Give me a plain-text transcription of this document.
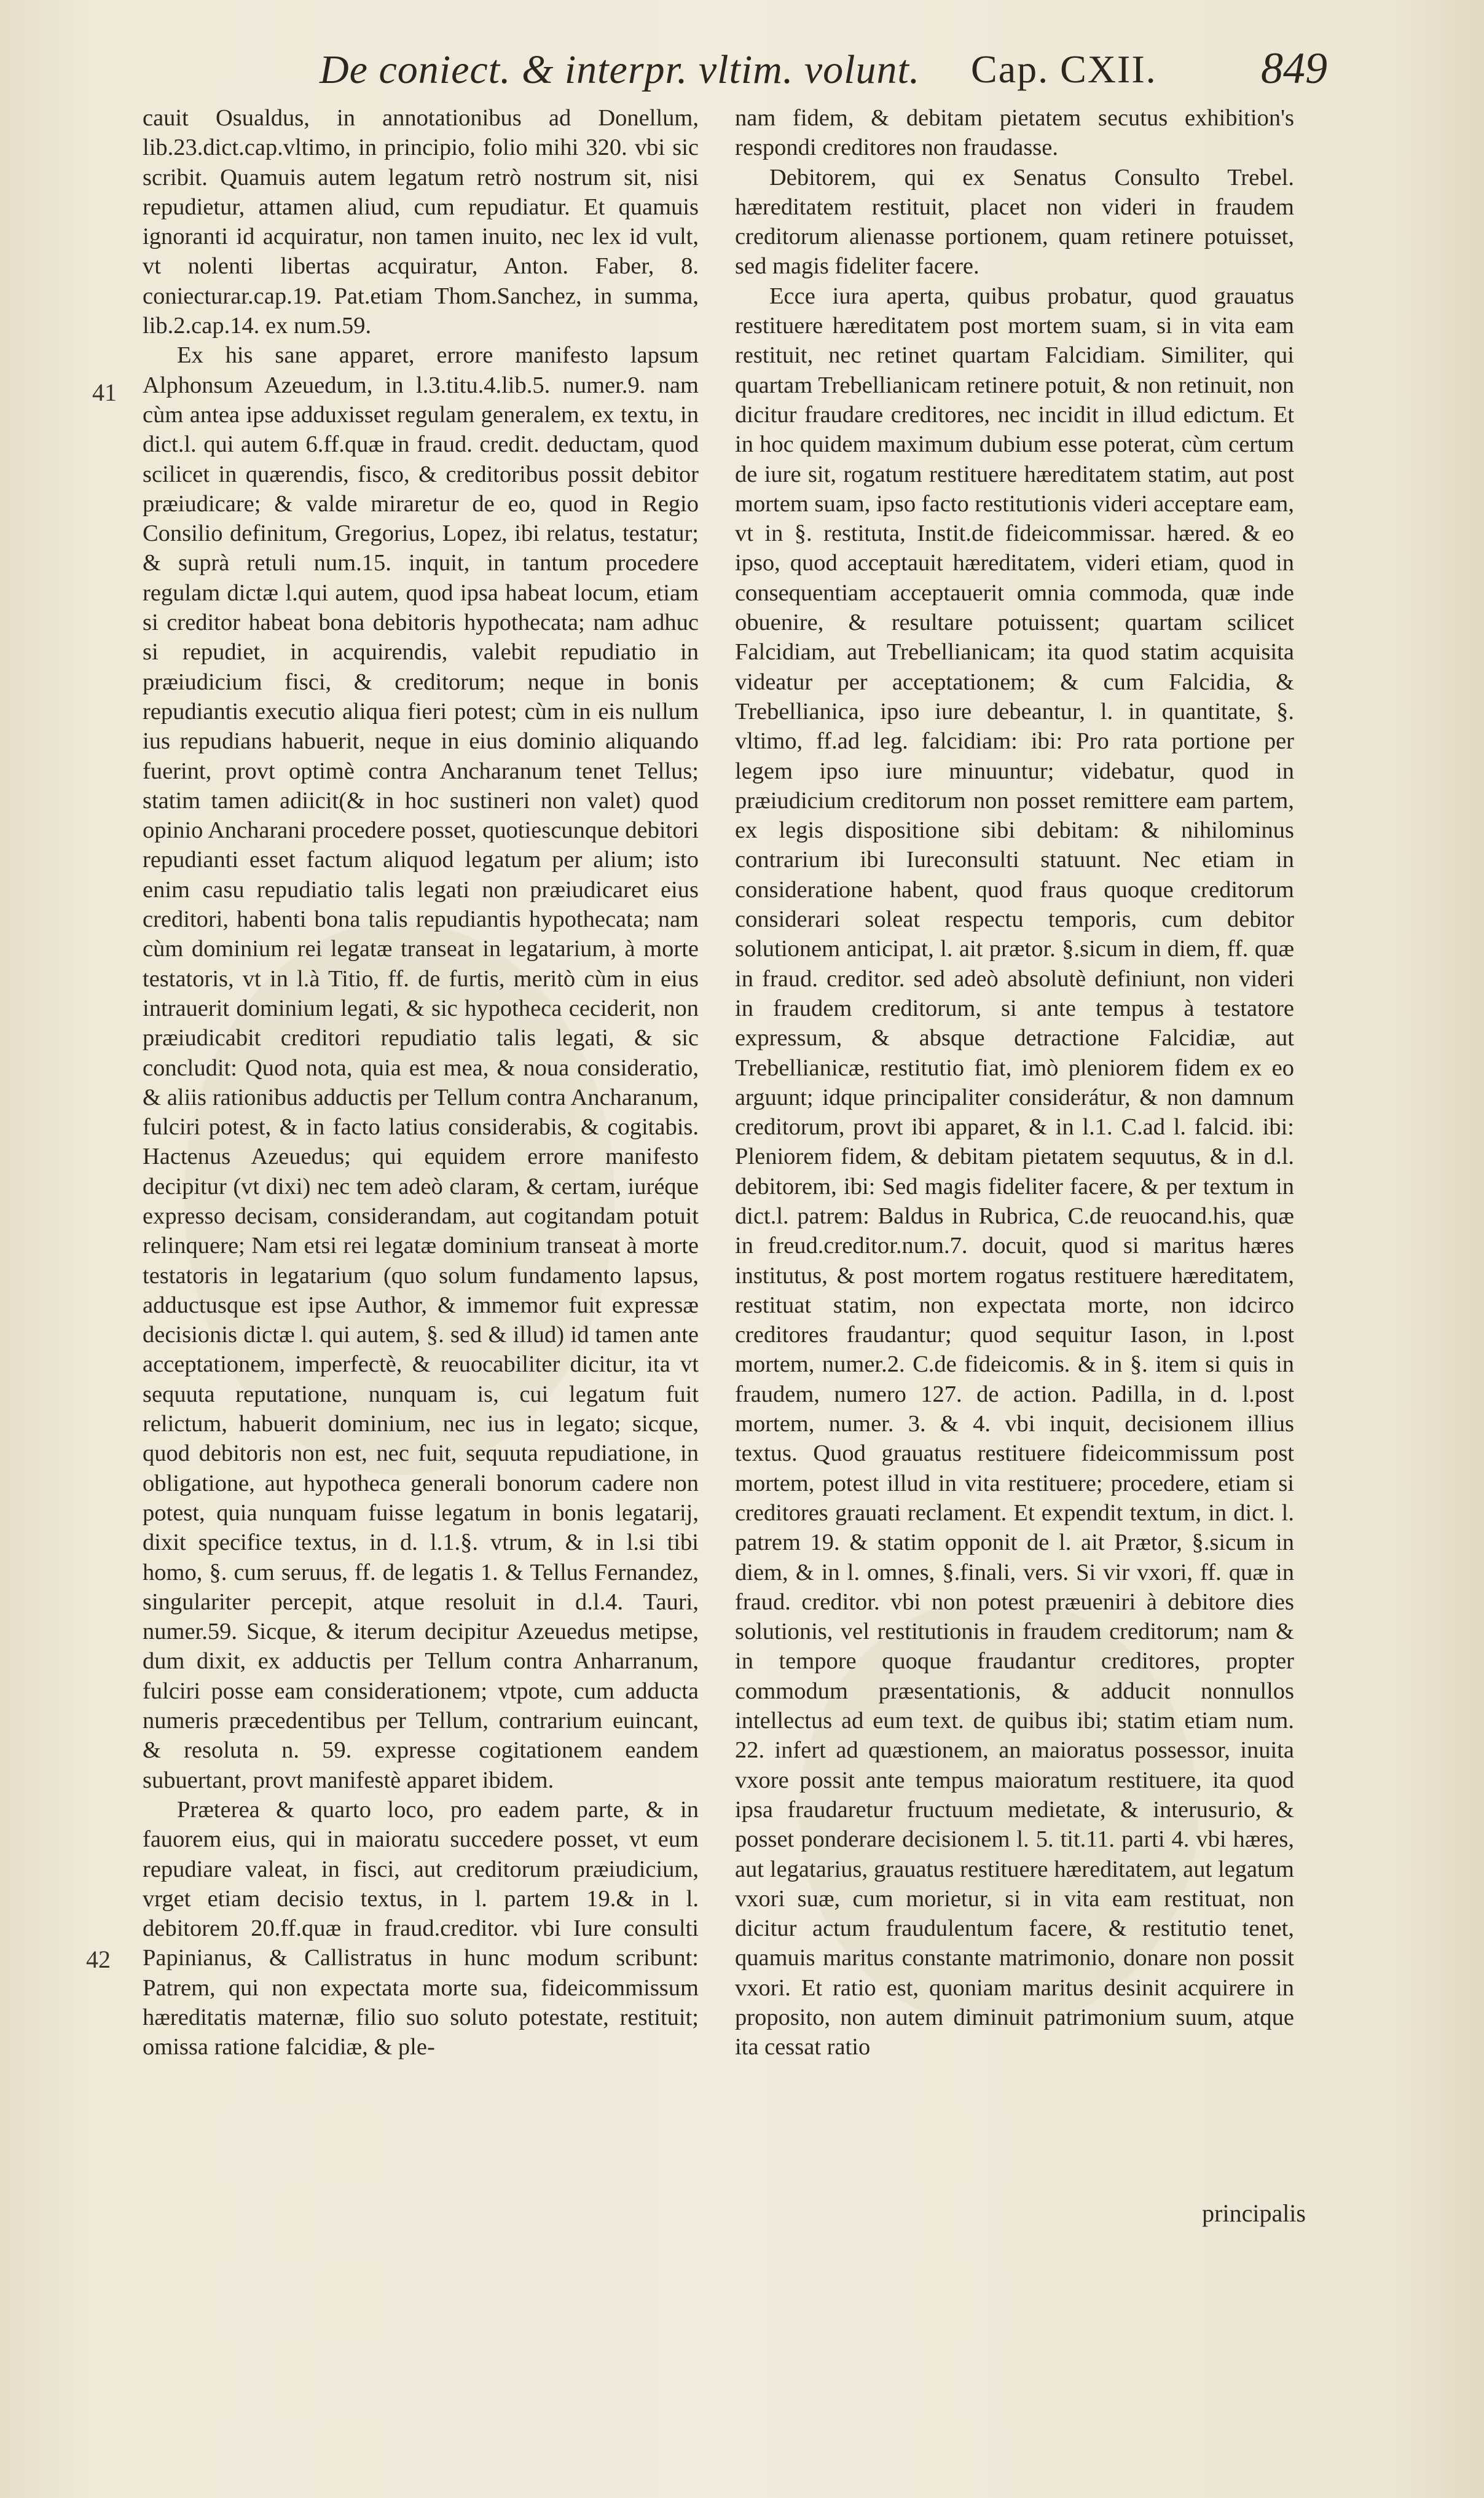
De coniect. & interpr. vltim. volunt. Cap. CXII. 849
41
42

cauit Osualdus, in annotationibus ad Donellum, lib.23.dict.cap.vltimo, in principio, folio mihi 320. vbi sic scribit. Quamuis autem legatum retrò nostrum sit, nisi repudietur, attamen aliud, cum repudiatur. Et quamuis ignoranti id acquiratur, non tamen inuito, nec lex id vult, vt nolenti libertas acquiratur, Anton. Faber, 8. coniecturar.cap.19. Pat.etiam Thom.Sanchez, in summa, lib.2.cap.14. ex num.59.

Ex his sane apparet, errore manifesto lapsum Alphonsum Azeuedum, in l.3.titu.4.lib.5. numer.9. nam cùm antea ipse adduxisset regulam generalem, ex textu, in dict.l. qui autem 6.ff.quæ in fraud. credit. deductam, quod scilicet in quærendis, fisco, & creditoribus possit debitor præiudicare; & valde miraretur de eo, quod in Regio Consilio definitum, Gregorius, Lopez, ibi relatus, testatur; & suprà retuli num.15. inquit, in tantum procedere regulam dictæ l.qui autem, quod ipsa habeat locum, etiam si creditor habeat bona debitoris hypothecata; nam adhuc si repudiet, in acquirendis, valebit repudiatio in præiudicium fisci, & creditorum; neque in bonis repudiantis executio aliqua fieri potest; cùm in eis nullum ius repudians habuerit, neque in eius dominio aliquando fuerint, provt optimè contra Ancharanum tenet Tellus; statim tamen adiicit(& in hoc sustineri non valet) quod opinio Ancharani procedere posset, quotiescunque debitori repudianti esset factum aliquod legatum per alium; isto enim casu repudiatio talis legati non præiudicaret eius creditori, habenti bona talis repudiantis hypothecata; nam cùm dominium rei legatæ transeat in legatarium, à morte testatoris, vt in l.à Titio, ff. de furtis, meritò cùm in eius intrauerit dominium legati, & sic hypotheca ceciderit, non præiudicabit creditori repudiatio talis legati, & sic concludit: Quod nota, quia est mea, & noua consideratio, & aliis rationibus adductis per Tellum contra Ancharanum, fulciri potest, & in facto latius considerabis, & cogitabis. Hactenus Azeuedus; qui equidem errore manifesto decipitur (vt dixi) nec tem adeò claram, & certam, iuréque expresso decisam, considerandam, aut cogitandam potuit relinquere; Nam etsi rei legatæ dominium transeat à morte testatoris in legatarium (quo solum fundamento lapsus, adductusque est ipse Author, & immemor fuit expressæ decisionis dictæ l. qui autem, §. sed & illud) id tamen ante acceptationem, imperfectè, & reuocabiliter dicitur, ita vt sequuta reputatione, nunquam is, cui legatum fuit relictum, habuerit dominium, nec ius in legato; sicque, quod debitoris non est, nec fuit, sequuta repudiatione, in obligatione, aut hypotheca generali bonorum cadere non potest, quia nunquam fuisse legatum in bonis legatarij, dixit specifice textus, in d. l.1.§. vtrum, & in l.si tibi homo, §. cum seruus, ff. de legatis 1. & Tellus Fernandez, singulariter percepit, atque resoluit in d.l.4. Tauri, numer.59. Sicque, & iterum decipitur Azeuedus metipse, dum dixit, ex adductis per Tellum contra Anharranum, fulciri posse eam considerationem; vtpote, cum adducta numeris præcedentibus per Tellum, contrarium euincant, & resoluta n. 59. expresse cogitationem eandem subuertant, provt manifestè apparet ibidem.

Præterea & quarto loco, pro eadem parte, & in fauorem eius, qui in maioratu succedere posset, vt eum repudiare valeat, in fisci, aut creditorum præiudicium, vrget etiam decisio textus, in l. partem 19.& in l. debitorem 20.ff.quæ in fraud.creditor. vbi Iure consulti Papinianus, & Callistratus in hunc modum scribunt: Patrem, qui non expectata morte sua, fideicommissum hæreditatis maternæ, filio suo soluto potestate, restituit; omissa ratione falcidiæ, & ple-

nam fidem, & debitam pietatem secutus exhibition's respondi creditores non fraudasse.

Debitorem, qui ex Senatus Consulto Trebel. hæreditatem restituit, placet non videri in fraudem creditorum alienasse portionem, quam retinere potuisset, sed magis fideliter facere.

Ecce iura aperta, quibus probatur, quod grauatus restituere hæreditatem post mortem suam, si in vita eam restituit, nec retinet quartam Falcidiam. Similiter, qui quartam Trebellianicam retinere potuit, & non retinuit, non dicitur fraudare creditores, nec incidit in illud edictum. Et in hoc quidem maximum dubium esse poterat, cùm certum de iure sit, rogatum restituere hæreditatem statim, aut post mortem suam, ipso facto restitutionis videri acceptare eam, vt in §. restituta, Instit.de fideicommissar. hæred. & eo ipso, quod acceptauit hæreditatem, videri etiam, quod in consequentiam acceptauerit omnia commoda, quæ inde obuenire, & resultare potuissent; quartam scilicet Falcidiam, aut Trebellianicam; ita quod statim acquisita videatur per acceptationem; & cum Falcidia, & Trebellianica, ipso iure debeantur, l. in quantitate, §. vltimo, ff.ad leg. falcidiam: ibi: Pro rata portione per legem ipso iure minuuntur; videbatur, quod in præiudicium creditorum non posset remittere eam partem, ex legis dispositione sibi debitam: & nihilominus contrarium ibi Iureconsulti statuunt. Nec etiam in consideratione habent, quod fraus quoque creditorum considerari soleat respectu temporis, cum debitor solutionem anticipat, l. ait prætor. §.sicum in diem, ff. quæ in fraud. creditor. sed adeò absolutè definiunt, non videri in fraudem creditorum, si ante tempus à testatore expressum, & absque detractione Falcidiæ, aut Trebellianicæ, restitutio fiat, imò pleniorem fidem ex eo arguunt; idque principaliter considerátur, & non damnum creditorum, provt ibi apparet, & in l.1. C.ad l. falcid. ibi: Pleniorem fidem, & debitam pietatem sequutus, & in d.l. debitorem, ibi: Sed magis fideliter facere, & per textum in dict.l. patrem: Baldus in Rubrica, C.de reuocand.his, quæ in freud.creditor.num.7. docuit, quod si maritus hæres institutus, & post mortem rogatus restituere hæreditatem, restituat statim, non expectata morte, non idcirco creditores fraudantur; quod sequitur Iason, in l.post mortem, numer.2. C.de fideicomis. & in §. item si quis in fraudem, numero 127. de action. Padilla, in d. l.post mortem, numer. 3. & 4. vbi inquit, decisionem illius textus. Quod grauatus restituere fideicommissum post mortem, potest illud in vita restituere; procedere, etiam si creditores grauati reclament. Et expendit textum, in dict. l. patrem 19. & statim opponit de l. ait Prætor, §.sicum in diem, & in l. omnes, §.finali, vers. Si vir vxori, ff. quæ in fraud. creditor. vbi non potest præueniri à debitore dies solutionis, vel restitutionis in fraudem creditorum; nam & in tempore quoque fraudantur creditores, propter commodum præsentationis, & adducit nonnullos intellectus ad eum text. de quibus ibi; statim etiam num. 22. infert ad quæstionem, an maioratus possessor, inuita vxore possit ante tempus maioratum restituere, ita quod ipsa fraudaretur fructuum medietate, & interusurio, & posset ponderare decisionem l. 5. tit.11. parti 4. vbi hæres, aut legatarius, grauatus restituere hæreditatem, aut legatum vxori suæ, cum morietur, si in vita eam restituat, non dicitur actum fraudulentum facere, & restitutio tenet, quamuis maritus constante matrimonio, donare non possit vxori. Et ratio est, quoniam maritus desinit acquirere in proposito, non autem diminuit patrimonium suum, atque ita cessat ratio

principalis
